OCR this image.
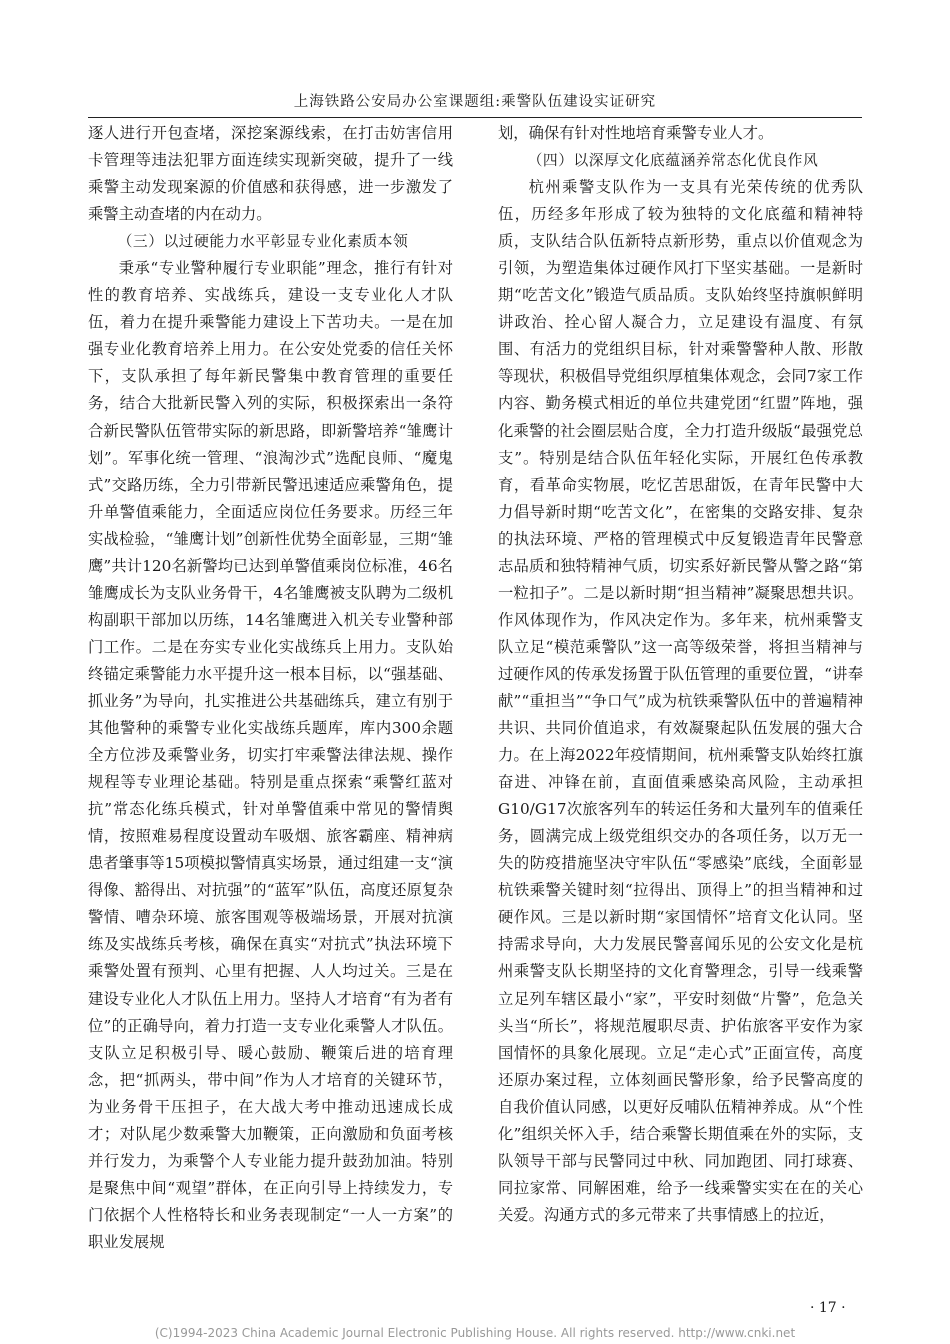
上海铁路公安局办公室课题组:乘警队伍建设实证研究

逐人进行开包查堵，深挖案源线索，在打击妨害信用卡管理等违法犯罪方面连续实现新突破，提升了一线乘警主动发现案源的价值感和获得感，进一步激发了乘警主动查堵的内在动力。

（三）以过硬能力水平彰显专业化素质本领

秉承“专业警种履行专业职能”理念，推行有针对性的教育培养、实战练兵，建设一支专业化人才队伍，着力在提升乘警能力建设上下苦功夫。一是在加强专业化教育培养上用力。在公安处党委的信任关怀下，支队承担了每年新民警集中教育管理的重要任务，结合大批新民警入列的实际，积极探索出一条符合新民警队伍管带实际的新思路，即新警培养“雏鹰计划”。军事化统一管理、“浪淘沙式”选配良师、“魔鬼式”交路历练，全力引带新民警迅速适应乘警角色，提升单警值乘能力，全面适应岗位任务要求。历经三年实战检验，“雏鹰计划”创新性优势全面彰显，三期“雏鹰”共计120名新警均已达到单警值乘岗位标准，46名雏鹰成长为支队业务骨干，4名雏鹰被支队聘为二级机构副职干部加以历练，14名雏鹰进入机关专业警种部门工作。二是在夯实专业化实战练兵上用力。支队始终锚定乘警能力水平提升这一根本目标，以“强基础、抓业务”为导向，扎实推进公共基础练兵，建立有别于其他警种的乘警专业化实战练兵题库，库内300余题全方位涉及乘警业务，切实打牢乘警法律法规、操作规程等专业理论基础。特别是重点探索“乘警红蓝对抗”常态化练兵模式，针对单警值乘中常见的警情舆情，按照难易程度设置动车吸烟、旅客霸座、精神病患者肇事等15项模拟警情真实场景，通过组建一支“演得像、豁得出、对抗强”的“蓝军”队伍，高度还原复杂警情、嘈杂环境、旅客围观等极端场景，开展对抗演练及实战练兵考核，确保在真实“对抗式”执法环境下乘警处置有预判、心里有把握、人人均过关。三是在建设专业化人才队伍上用力。坚持人才培育“有为者有位”的正确导向，着力打造一支专业化乘警人才队伍。支队立足积极引导、暖心鼓励、鞭策后进的培育理念，把“抓两头，带中间”作为人才培育的关键环节，为业务骨干压担子，在大战大考中推动迅速成长成才；对队尾少数乘警大加鞭策，正向激励和负面考核并行发力，为乘警个人专业能力提升鼓劲加油。特别是聚焦中间“观望”群体，在正向引导上持续发力，专门依据个人性格特长和业务表现制定“一人一方案”的职业发展规

划，确保有针对性地培育乘警专业人才。

（四）以深厚文化底蕴涵养常态化优良作风

杭州乘警支队作为一支具有光荣传统的优秀队伍，历经多年形成了较为独特的文化底蕴和精神特质，支队结合队伍新特点新形势，重点以价值观念为引领，为塑造集体过硬作风打下坚实基础。一是新时期“吃苦文化”锻造气质品质。支队始终坚持旗帜鲜明讲政治、拴心留人凝合力，立足建设有温度、有氛围、有活力的党组织目标，针对乘警警种人散、形散等现状，积极倡导党组织厚植集体观念，会同7家工作内容、勤务模式相近的单位共建党团“红盟”阵地，强化乘警的社会圈层贴合度，全力打造升级版“最强党总支”。特别是结合队伍年轻化实际，开展红色传承教育，看革命实物展，吃忆苦思甜饭，在青年民警中大力倡导新时期“吃苦文化”，在密集的交路安排、复杂的执法环境、严格的管理模式中反复锻造青年民警意志品质和独特精神气质，切实系好新民警从警之路“第一粒扣子”。二是以新时期“担当精神”凝聚思想共识。作风体现作为，作风决定作为。多年来，杭州乘警支队立足“模范乘警队”这一高等级荣誉，将担当精神与过硬作风的传承发扬置于队伍管理的重要位置，“讲奉献”“重担当”“争口气”成为杭铁乘警队伍中的普遍精神共识、共同价值追求，有效凝聚起队伍发展的强大合力。在上海2022年疫情期间，杭州乘警支队始终扛旗奋进、冲锋在前，直面值乘感染高风险，主动承担G10/G17次旅客列车的转运任务和大量列车的值乘任务，圆满完成上级党组织交办的各项任务，以万无一失的防疫措施坚决守牢队伍“零感染”底线，全面彰显杭铁乘警关键时刻“拉得出、顶得上”的担当精神和过硬作风。三是以新时期“家国情怀”培育文化认同。坚持需求导向，大力发展民警喜闻乐见的公安文化是杭州乘警支队长期坚持的文化育警理念，引导一线乘警立足列车辖区最小“家”，平安时刻做“片警”，危急关头当“所长”，将规范履职尽责、护佑旅客平安作为家国情怀的具象化展现。立足“走心式”正面宣传，高度还原办案过程，立体刻画民警形象，给予民警高度的自我价值认同感，以更好反哺队伍精神养成。从“个性化”组织关怀入手，结合乘警长期值乘在外的实际，支队领导干部与民警同过中秋、同加跑团、同打球赛、同拉家常、同解困难，给予一线乘警实实在在的关心关爱。沟通方式的多元带来了共事情感上的拉近，

· 17 ·
(C)1994-2023 China Academic Journal Electronic Publishing House. All rights reserved. http://www.cnki.net
